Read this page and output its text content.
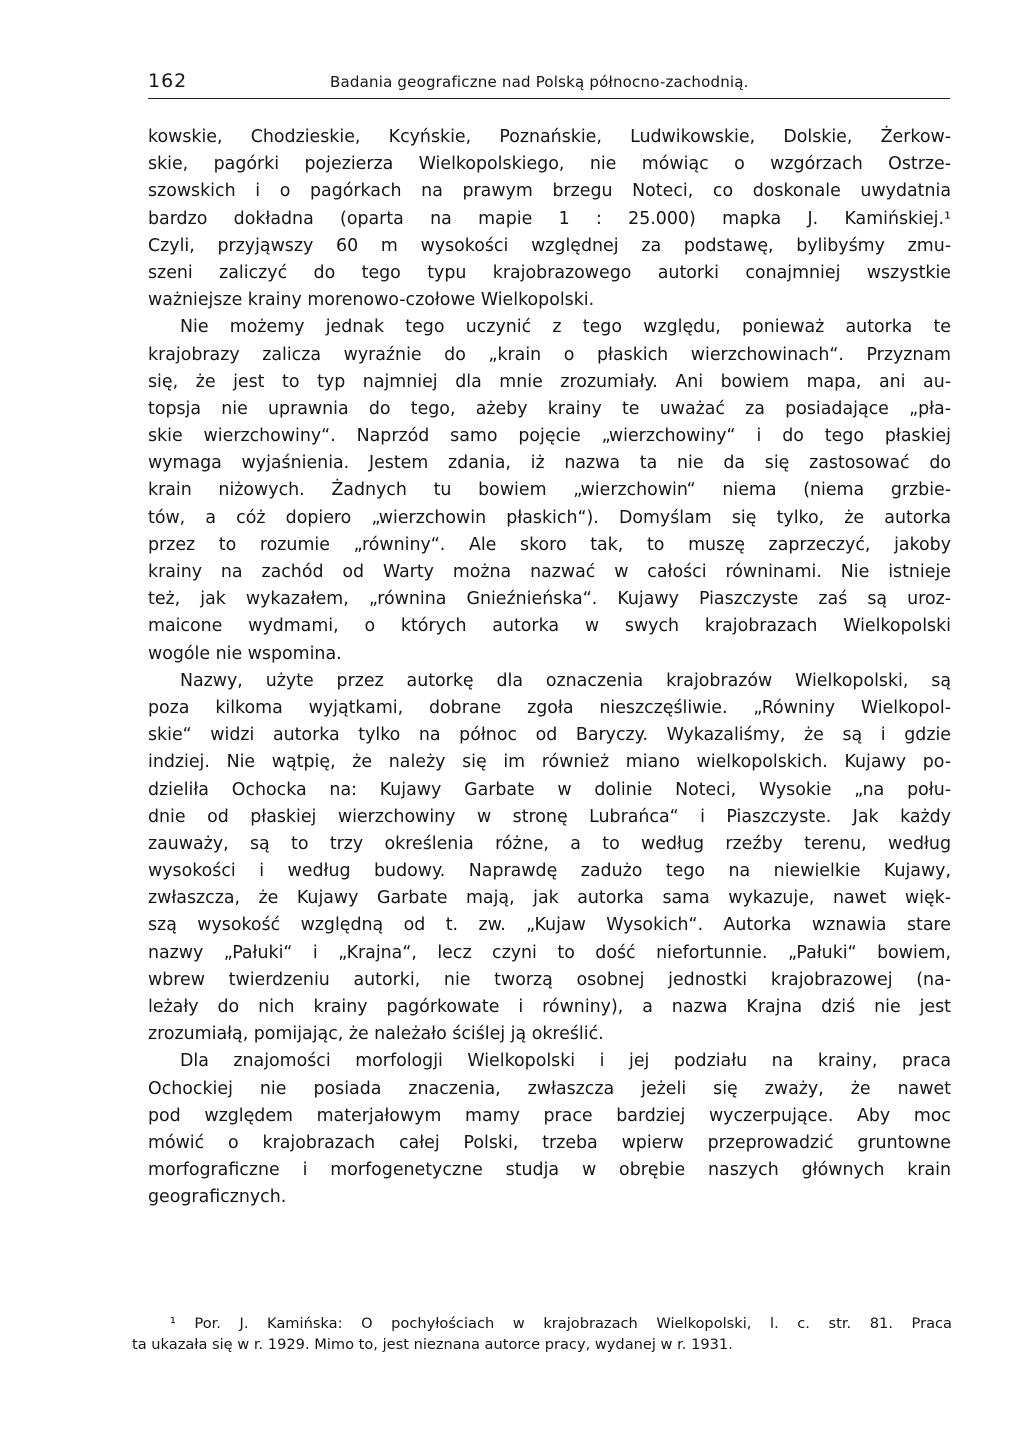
162	Badania geograficzne nad Polską północno-zachodnią.
kowskie, Chodzieskie, Kcyńskie, Poznańskie, Ludwikowskie, Dolskie, Żerkow-
skie, pagórki pojezierza Wielkopolskiego, nie mówiąc o wzgórzach Ostrze-
szowskich i o pagórkach na prawym brzegu Noteci, co doskonale uwydatnia
bardzo dokładna (oparta na mapie 1 : 25.000) mapka J. Kamińskiej.¹
Czyli, przyjąwszy 60 m wysokości względnej za podstawę, bylibyśmy zmu-
szeni zaliczyć do tego typu krajobrazowego autorki conajmniej wszystkie
ważniejsze krainy morenowo-czołowe Wielkopolski.
Nie możemy jednak tego uczynić z tego względu, ponieważ autorka te
krajobrazy zalicza wyraźnie do „krain o płaskich wierzchowinach“. Przyznam
się, że jest to typ najmniej dla mnie zrozumiały. Ani bowiem mapa, ani au-
topsja nie uprawnia do tego, ażeby krainy te uważać za posiadające „pła-
skie wierzchowiny“. Naprzód samo pojęcie „wierzchowiny“ i do tego płaskiej
wymaga wyjaśnienia. Jestem zdania, iż nazwa ta nie da się zastosować do
krain niżowych. Żadnych tu bowiem „wierzchowin“ niema (niema grzbie-
tów, a cóż dopiero „wierzchowin płaskich“). Domyślam się tylko, że autorka
przez to rozumie „równiny“. Ale skoro tak, to muszę zaprzeczyć, jakoby
krainy na zachód od Warty można nazwać w całości równinami. Nie istnieje
też, jak wykazałem, „równina Gnieźnieńska“. Kujawy Piaszczyste zaś są uroz-
maicone wydmami, o których autorka w swych krajobrazach Wielkopolski
wogóle nie wspomina.
Nazwy, użyte przez autorkę dla oznaczenia krajobrazów Wielkopolski, są
poza kilkoma wyjątkami, dobrane zgoła nieszczęśliwie. „Równiny Wielkopol-
skie“ widzi autorka tylko na północ od Baryczy. Wykazaliśmy, że są i gdzie
indziej. Nie wątpię, że należy się im również miano wielkopolskich. Kujawy po-
dzieliła Ochocka na: Kujawy Garbate w dolinie Noteci, Wysokie „na połu-
dnie od płaskiej wierzchowiny w stronę Lubrańca“ i Piaszczyste. Jak każdy
zauważy, są to trzy określenia różne, a to według rzeźby terenu, według
wysokości i według budowy. Naprawdę zadużo tego na niewielkie Kujawy,
zwłaszcza, że Kujawy Garbate mają, jak autorka sama wykazuje, nawet więk-
szą wysokość względną od t. zw. „Kujaw Wysokich“. Autorka wznawia stare
nazwy „Pałuki“ i „Krajna“, lecz czyni to dość niefortunnie. „Pałuki“ bowiem,
wbrew twierdzeniu autorki, nie tworzą osobnej jednostki krajobrazowej (na-
leżały do nich krainy pagórkowate i równiny), a nazwa Krajna dziś nie jest
zrozumiałą, pomijając, że należało ściślej ją określić.
Dla znajomości morfologji Wielkopolski i jej podziału na krainy, praca
Ochockiej nie posiada znaczenia, zwłaszcza jeżeli się zważy, że nawet
pod względem materjałowym mamy prace bardziej wyczerpujące. Aby moc
mówić o krajobrazach całej Polski, trzeba wpierw przeprowadzić gruntowne
morfograficzne i morfogenetyczne studja w obrębie naszych głównych krain
geograficznych.
¹ Por. J. Kamińska: O pochyłościach w krajobrazach Wielkopolski, l. c. str. 81. Praca
ta ukazała się w r. 1929. Mimo to, jest nieznana autorce pracy, wydanej w r. 1931.
